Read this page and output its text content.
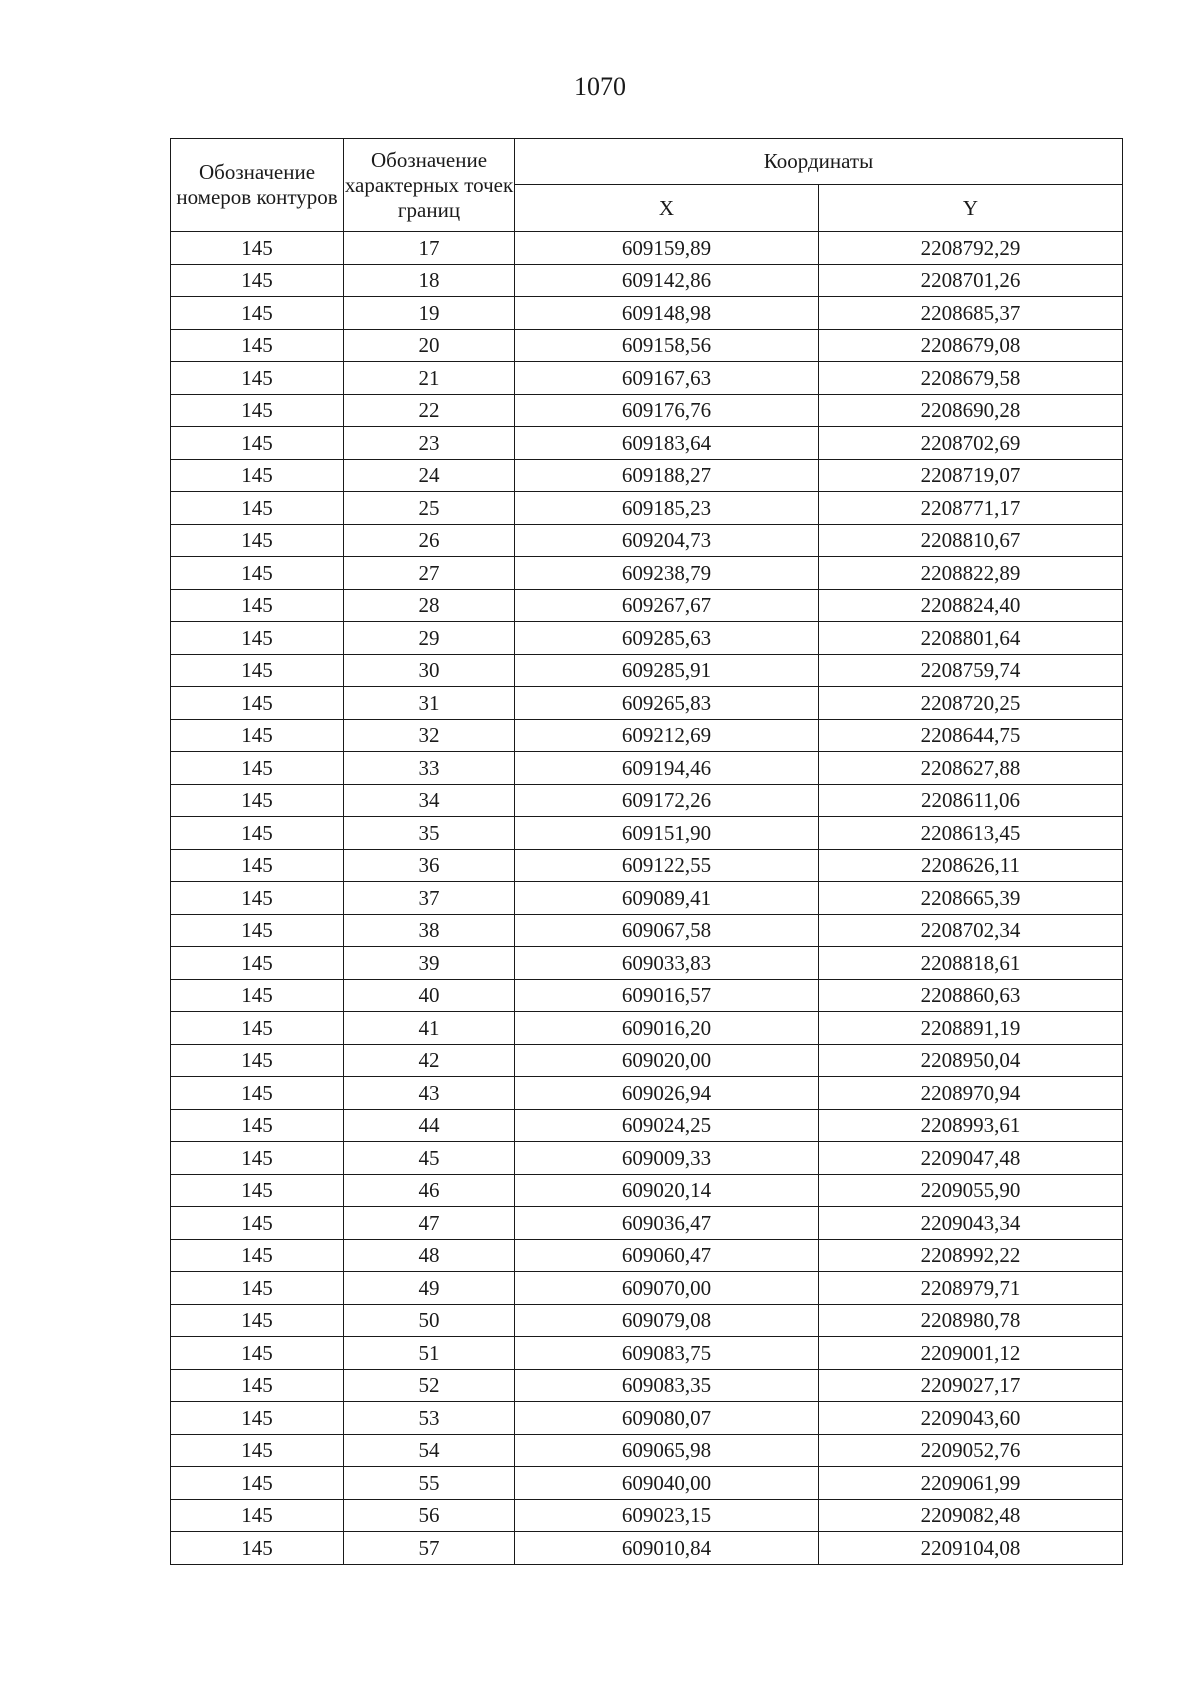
1070
Обозначение номеров контуров	Обозначение характерных точек границ	Координаты	
		X	Y
145	17	609159,89	2208792,29
145	18	609142,86	2208701,26
145	19	609148,98	2208685,37
145	20	609158,56	2208679,08
145	21	609167,63	2208679,58
145	22	609176,76	2208690,28
145	23	609183,64	2208702,69
145	24	609188,27	2208719,07
145	25	609185,23	2208771,17
145	26	609204,73	2208810,67
145	27	609238,79	2208822,89
145	28	609267,67	2208824,40
145	29	609285,63	2208801,64
145	30	609285,91	2208759,74
145	31	609265,83	2208720,25
145	32	609212,69	2208644,75
145	33	609194,46	2208627,88
145	34	609172,26	2208611,06
145	35	609151,90	2208613,45
145	36	609122,55	2208626,11
145	37	609089,41	2208665,39
145	38	609067,58	2208702,34
145	39	609033,83	2208818,61
145	40	609016,57	2208860,63
145	41	609016,20	2208891,19
145	42	609020,00	2208950,04
145	43	609026,94	2208970,94
145	44	609024,25	2208993,61
145	45	609009,33	2209047,48
145	46	609020,14	2209055,90
145	47	609036,47	2209043,34
145	48	609060,47	2208992,22
145	49	609070,00	2208979,71
145	50	609079,08	2208980,78
145	51	609083,75	2209001,12
145	52	609083,35	2209027,17
145	53	609080,07	2209043,60
145	54	609065,98	2209052,76
145	55	609040,00	2209061,99
145	56	609023,15	2209082,48
145	57	609010,84	2209104,08
